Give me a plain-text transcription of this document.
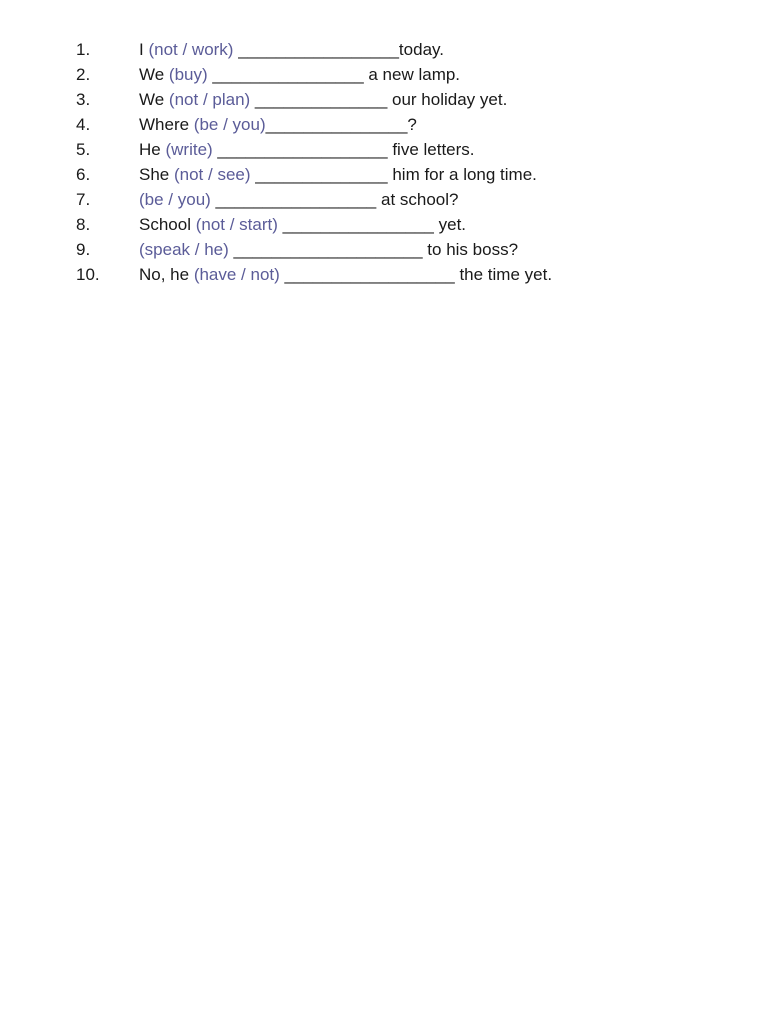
1.	I (not / work) _________________today.
2.	We (buy) ________________ a new lamp.
3.	We (not / plan) ______________ our holiday yet.
4.	Where (be / you)_______________?
5.	He (write) __________________ five letters.
6.	She (not / see) ______________ him for a long time.
7.	(be / you) _________________ at school?
8.	School (not / start) ________________ yet.
9.	(speak / he) ____________________ to his boss?
10.	No, he (have / not) __________________ the time yet.
